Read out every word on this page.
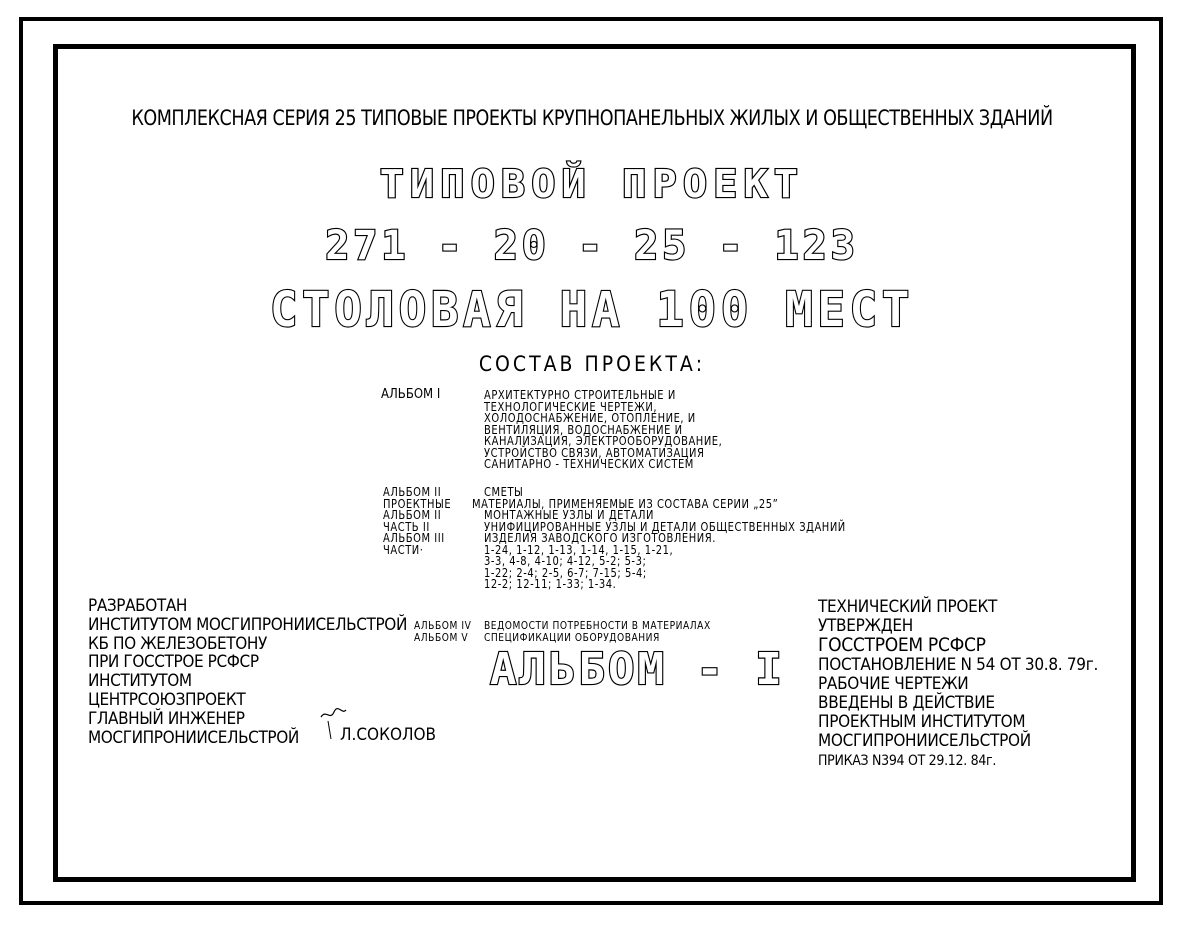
КОМПЛЕКСНАЯ СЕРИЯ 25 ТИПОВЫЕ ПРОЕКТЫ КРУПНОПАНЕЛЬНЫХ ЖИЛЫХ И ОБЩЕСТВЕННЫХ ЗДАНИЙ
ТИПОВОЙ ПРОЕКТ
271 - 20 - 25 - 123
СТОЛОВАЯ НА 100 МЕСТ
СОСТАВ ПРОЕКТА:
АЛЬБОМ I	АРХИТЕКТУРНО СТРОИТЕЛЬНЫЕ И
ТЕХНОЛОГИЧЕСКИЕ ЧЕРТЕЖИ,
ХОЛОДОСНАБЖЕНИЕ, ОТОПЛЕНИЕ, И
ВЕНТИЛЯЦИЯ, ВОДОСНАБЖЕНИЕ И
КАНАЛИЗАЦИЯ, ЭЛЕКТРООБОРУДОВАНИЕ,
УСТРОЙСТВО СВЯЗИ, АВТОМАТИЗАЦИЯ
САНИТАРНО - ТЕХНИЧЕСКИХ СИСТЕМ
АЛЬБОМ II
ПРОЕКТНЫЕ
АЛЬБОМ II
ЧАСТЬ II
АЛЬБОМ III
ЧАСТИ·
СМЕТЫ
МАТЕРИАЛЫ, ПРИМЕНЯЕМЫЕ ИЗ СОСТАВА СЕРИИ „25”
МОНТАЖНЫЕ УЗЛЫ И ДЕТАЛИ
УНИФИЦИРОВАННЫЕ УЗЛЫ И ДЕТАЛИ ОБЩЕСТВЕННЫХ ЗДАНИЙ
ИЗДЕЛИЯ ЗАВОДСКОГО ИЗГОТОВЛЕНИЯ.
1-24, 1-12, 1-13, 1-14, 1-15, 1-21,
3-3, 4-8, 4-10; 4-12, 5-2; 5-3;
1-22; 2-4; 2-5, 6-7; 7-15; 5-4;
12-2; 12-11; 1-33; 1-34.
АЛЬБОМ IV
АЛЬБОМ V
ВЕДОМОСТИ ПОТРЕБНОСТИ В МАТЕРИАЛАХ
СПЕЦИФИКАЦИИ ОБОРУДОВАНИЯ
АЛЬБОМ - I
РАЗРАБОТАН
ИНСТИТУТОМ МОСГИПРОНИИСЕЛЬСТРОЙ
КБ ПО ЖЕЛЕЗОБЕТОНУ
ПРИ ГОССТРОЕ РСФСР
ИНСТИТУТОМ
ЦЕНТРСОЮЗПРОЕКТ
ГЛАВНЫЙ ИНЖЕНЕР
МОСГИПРОНИИСЕЛЬСТРОЙ	Л.СОКОЛОВ
ТЕХНИЧЕСКИЙ ПРОЕКТ
УТВЕРЖДЕН
ГОССТРОЕМ РСФСР
ПОСТАНОВЛЕНИЕ N 54 ОТ 30.8. 79г.
РАБОЧИЕ ЧЕРТЕЖИ
ВВЕДЕНЫ В ДЕЙСТВИЕ
ПРОЕКТНЫМ ИНСТИТУТОМ
МОСГИПРОНИИСЕЛЬСТРОЙ
ПРИКАЗ N394 ОТ 29.12. 84г.
